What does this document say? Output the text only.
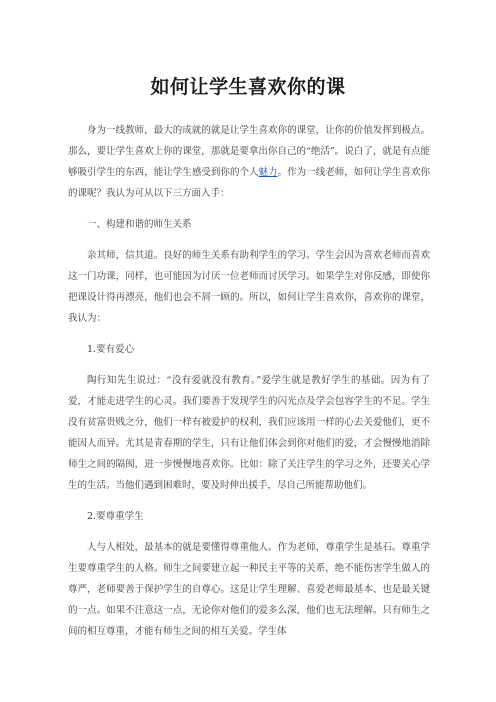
如何让学生喜欢你的课

身为一线教师，最大的成就的就是让学生喜欢你的课堂，让你的价值发挥到极点。那么，要让学生喜欢上你的课堂，那就是要拿出你自己的“绝活”。说白了，就是有点能够吸引学生的东西，能让学生感受到你的个人魅力。作为一线老师，如何让学生喜欢你的课呢？我认为可从以下三方面入手：

一、构建和谐的师生关系

亲其师，信其道。良好的师生关系有助利学生的学习。学生会因为喜欢老师而喜欢这一门功课，同样，也可能因为讨厌一位老师而讨厌学习。如果学生对你反感，即使你把课设计得再漂亮，他们也会不屑一顾的。所以，如何让学生喜欢你，喜欢你的课堂，我认为：

1.要有爱心

陶行知先生说过：“没有爱就没有教育。”爱学生就是教好学生的基础。因为有了爱，才能走进学生的心灵。我们要善于发现学生的闪光点及学会包容学生的不足。学生没有贫富贵贱之分，他们一样有被爱护的权利，我们应该用一样的心去关爱他们，更不能因人而异。尤其是青春期的学生，只有让他们体会到你对他们的爱，才会慢慢地消除师生之间的隔阂，进一步慢慢地喜欢你。比如：除了关注学生的学习之外，还要关心学生的生活。当他们遇到困难时，要及时伸出援手，尽自己所能帮助他们。

2.要尊重学生

人与人相处，最基本的就是要懂得尊重他人。作为老师，尊重学生是基石。尊重学生要尊重学生的人格。师生之间要建立起一种民主平等的关系，绝不能伤害学生做人的尊严，老师要善于保护学生的自尊心。这是让学生理解、喜爱老师最基本、也是最关键的一点。如果不注意这一点，无论你对他们的爱多么深，他们也无法理解。只有师生之间的相互尊重，才能有师生之间的相互关爱。学生体
